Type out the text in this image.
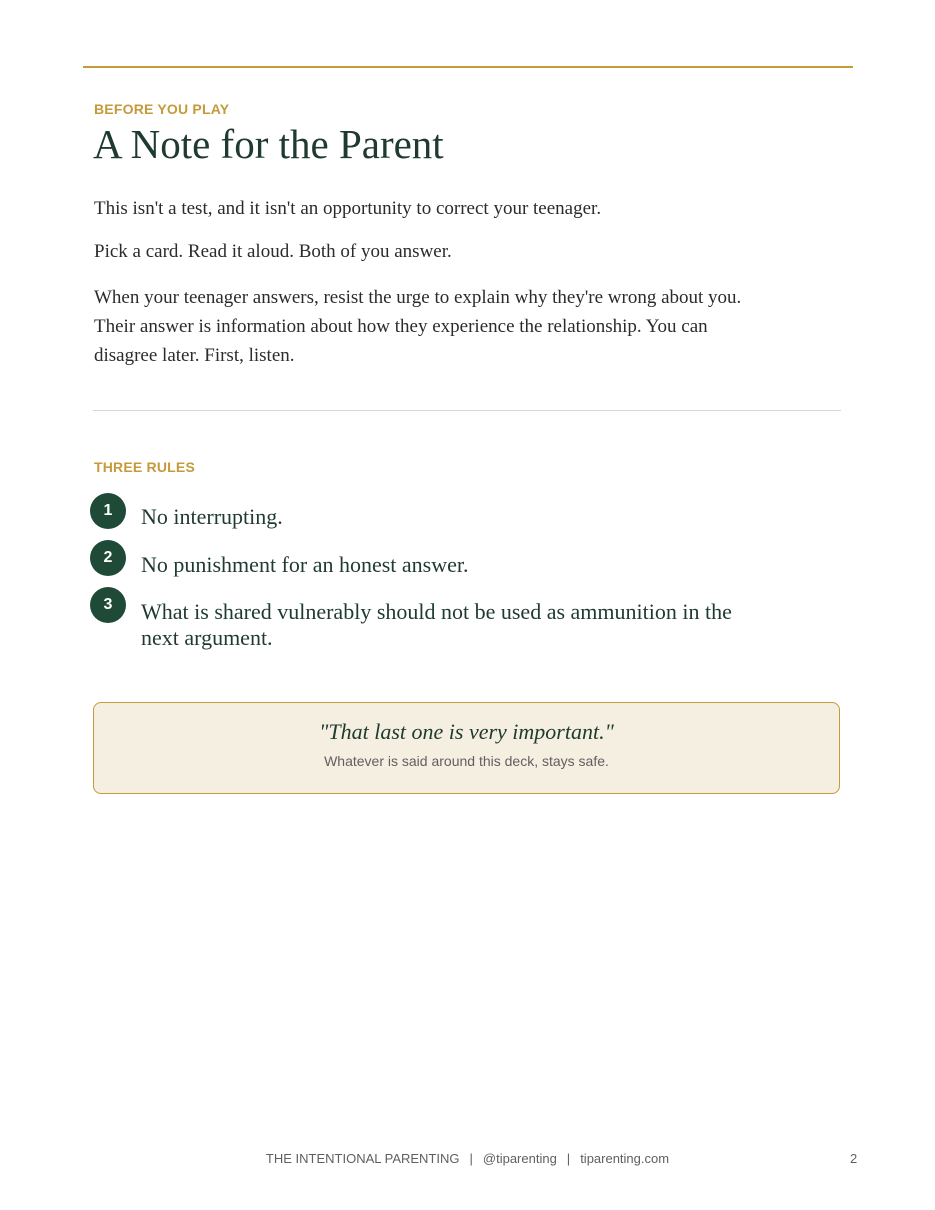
BEFORE YOU PLAY
A Note for the Parent

This isn't a test, and it isn't an opportunity to correct your teenager.

Pick a card. Read it aloud. Both of you answer.

When your teenager answers, resist the urge to explain why they're wrong about you. Their answer is information about how they experience the relationship. You can disagree later. First, listen.

THREE RULES
1	No interrupting.

2	No punishment for an honest answer.

3	What is shared vulnerably should not be used as ammunition in the next argument.

"That last one is very important."
Whatever is said around this deck, stays safe.
THE INTENTIONAL PARENTING | @tiparenting | tiparenting.com	2
